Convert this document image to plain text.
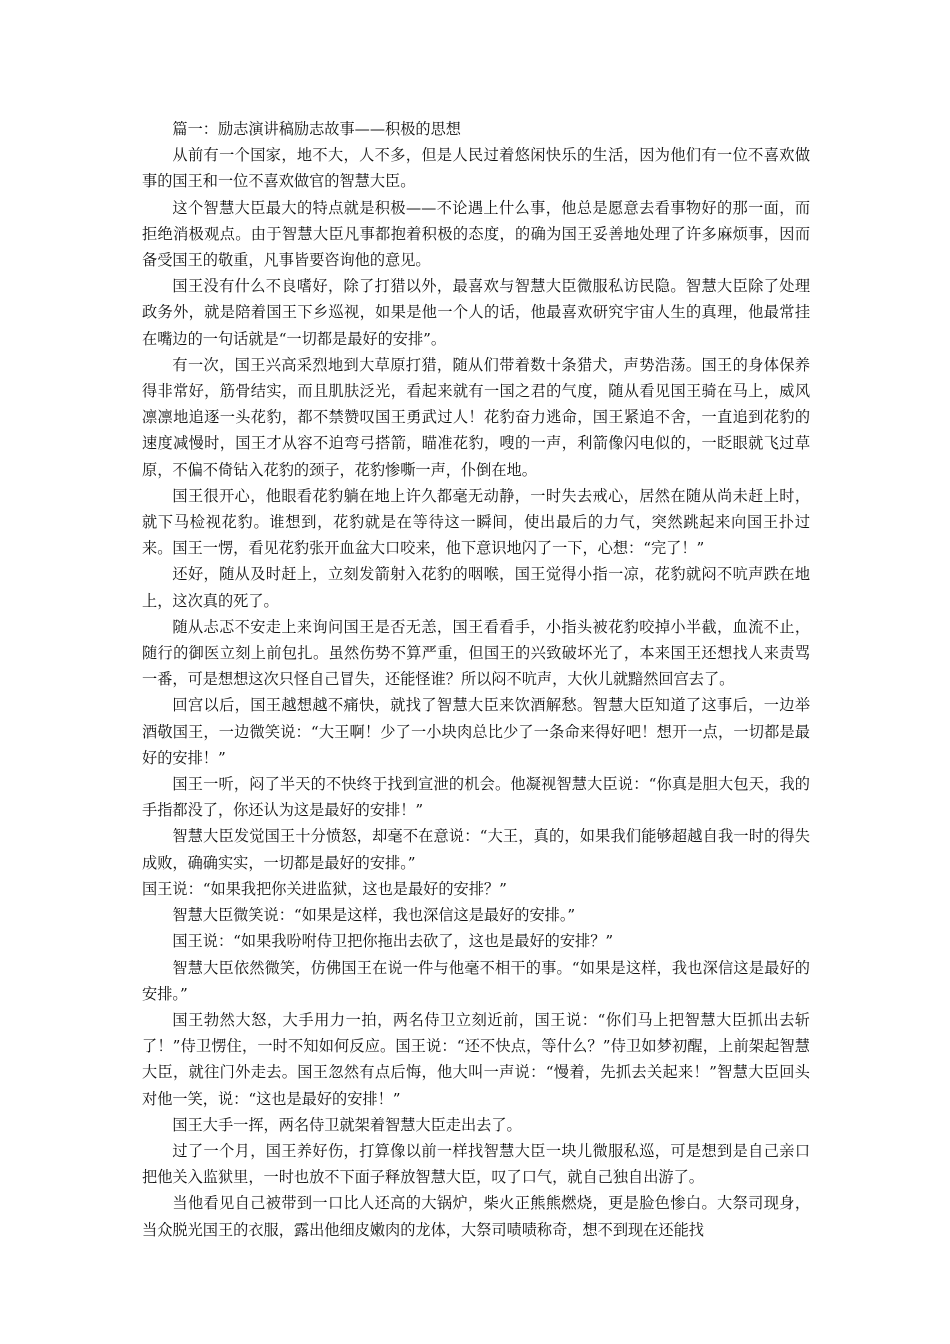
篇一：励志演讲稿励志故事——积极的思想

从前有一个国家，地不大，人不多，但是人民过着悠闲快乐的生活，因为他们有一位不喜欢做事的国王和一位不喜欢做官的智慧大臣。

这个智慧大臣最大的特点就是积极——不论遇上什么事，他总是愿意去看事物好的那一面，而拒绝消极观点。由于智慧大臣凡事都抱着积极的态度，的确为国王妥善地处理了许多麻烦事，因而备受国王的敬重，凡事皆要咨询他的意见。

国王没有什么不良嗜好，除了打猎以外，最喜欢与智慧大臣微服私访民隐。智慧大臣除了处理政务外，就是陪着国王下乡巡视，如果是他一个人的话，他最喜欢研究宇宙人生的真理，他最常挂在嘴边的一句话就是“一切都是最好的安排”。

有一次，国王兴高采烈地到大草原打猎，随从们带着数十条猎犬，声势浩荡。国王的身体保养得非常好，筋骨结实，而且肌肤泛光，看起来就有一国之君的气度，随从看见国王骑在马上，威风凛凛地追逐一头花豹，都不禁赞叹国王勇武过人！花豹奋力逃命，国王紧追不舍，一直追到花豹的速度减慢时，国王才从容不迫弯弓搭箭，瞄准花豹，嗖的一声，利箭像闪电似的，一眨眼就飞过草原，不偏不倚钻入花豹的颈子，花豹惨嘶一声，仆倒在地。

国王很开心，他眼看花豹躺在地上许久都毫无动静，一时失去戒心，居然在随从尚未赶上时，就下马检视花豹。谁想到，花豹就是在等待这一瞬间，使出最后的力气，突然跳起来向国王扑过来。国王一愣，看见花豹张开血盆大口咬来，他下意识地闪了一下，心想：“完了！”

还好，随从及时赶上，立刻发箭射入花豹的咽喉，国王觉得小指一凉，花豹就闷不吭声跌在地上，这次真的死了。

随从忐忑不安走上来询问国王是否无恙，国王看看手，小指头被花豹咬掉小半截，血流不止，随行的御医立刻上前包扎。虽然伤势不算严重，但国王的兴致破坏光了，本来国王还想找人来责骂一番，可是想想这次只怪自己冒失，还能怪谁？所以闷不吭声，大伙儿就黯然回宫去了。

回宫以后，国王越想越不痛快，就找了智慧大臣来饮酒解愁。智慧大臣知道了这事后，一边举酒敬国王，一边微笑说：“大王啊！少了一小块肉总比少了一条命来得好吧！想开一点，一切都是最好的安排！”

国王一听，闷了半天的不快终于找到宣泄的机会。他凝视智慧大臣说：“你真是胆大包天，我的手指都没了，你还认为这是最好的安排！”

智慧大臣发觉国王十分愤怒，却毫不在意说：“大王，真的，如果我们能够超越自我一时的得失成败，确确实实，一切都是最好的安排。”

国王说：“如果我把你关进监狱，这也是最好的安排？”

智慧大臣微笑说：“如果是这样，我也深信这是最好的安排。”

国王说：“如果我吩咐侍卫把你拖出去砍了，这也是最好的安排？”

智慧大臣依然微笑，仿佛国王在说一件与他毫不相干的事。“如果是这样，我也深信这是最好的安排。”

国王勃然大怒，大手用力一拍，两名侍卫立刻近前，国王说：“你们马上把智慧大臣抓出去斩了！”侍卫愣住，一时不知如何反应。国王说：“还不快点，等什么？”侍卫如梦初醒，上前架起智慧大臣，就往门外走去。国王忽然有点后悔，他大叫一声说：“慢着，先抓去关起来！”智慧大臣回头对他一笑，说：“这也是最好的安排！”

国王大手一挥，两名侍卫就架着智慧大臣走出去了。

过了一个月，国王养好伤，打算像以前一样找智慧大臣一块儿微服私巡，可是想到是自己亲口把他关入监狱里，一时也放不下面子释放智慧大臣，叹了口气，就自己独自出游了。

当他看见自己被带到一口比人还高的大锅炉，柴火正熊熊燃烧，更是脸色惨白。大祭司现身，当众脱光国王的衣服，露出他细皮嫩肉的龙体，大祭司啧啧称奇，想不到现在还能找
